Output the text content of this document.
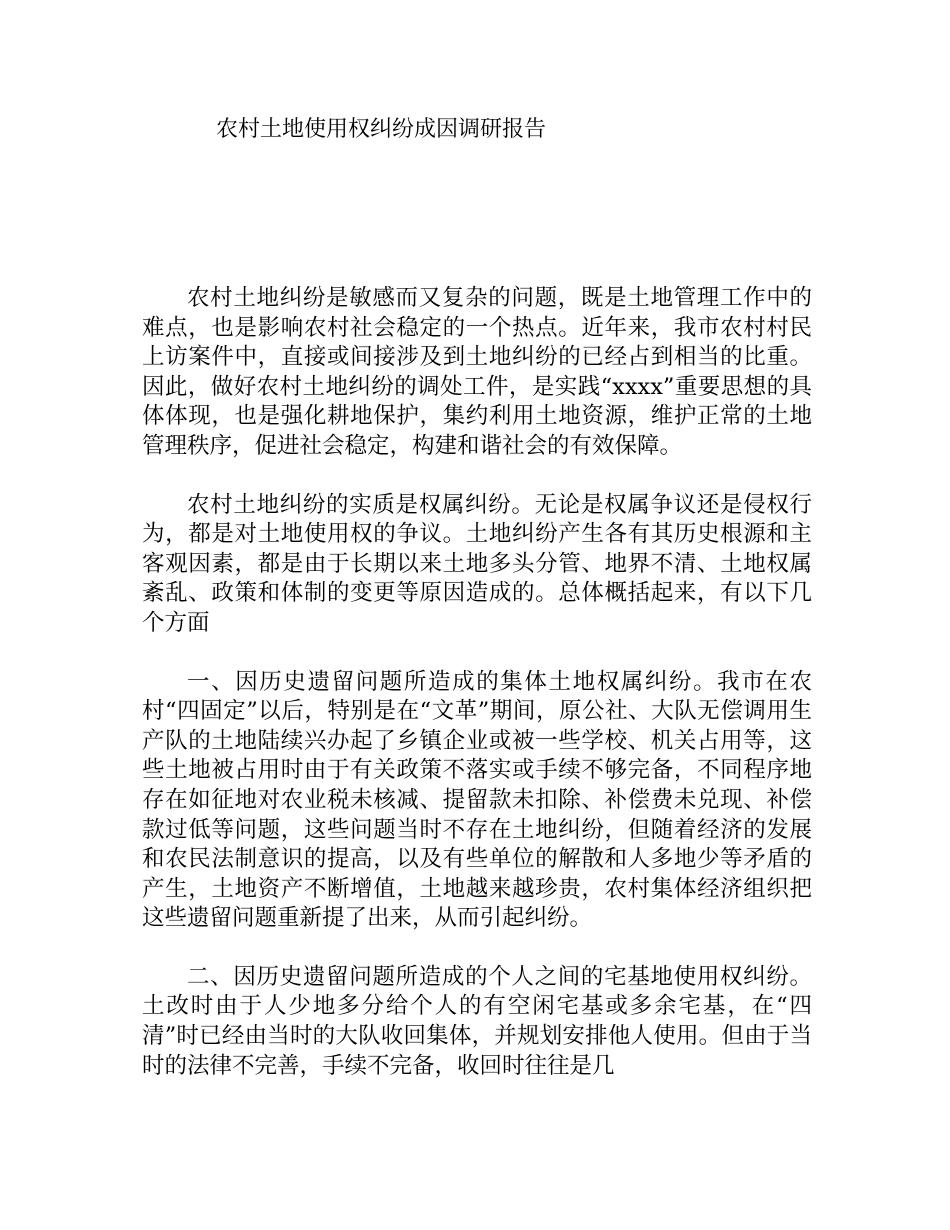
农村土地使用权纠纷成因调研报告

农村土地纠纷是敏感而又复杂的问题，既是土地管理工作中的难点，也是影响农村社会稳定的一个热点。近年来，我市农村村民上访案件中，直接或间接涉及到土地纠纷的已经占到相当的比重。因此，做好农村土地纠纷的调处工件，是实践“xxxx”重要思想的具体体现，也是强化耕地保护，集约利用土地资源，维护正常的土地管理秩序，促进社会稳定，构建和谐社会的有效保障。

农村土地纠纷的实质是权属纠纷。无论是权属争议还是侵权行为，都是对土地使用权的争议。土地纠纷产生各有其历史根源和主客观因素，都是由于长期以来土地多头分管、地界不清、土地权属紊乱、政策和体制的变更等原因造成的。总体概括起来，有以下几个方面

一、因历史遗留问题所造成的集体土地权属纠纷。我市在农村“四固定”以后，特别是在“文革”期间，原公社、大队无偿调用生产队的土地陆续兴办起了乡镇企业或被一些学校、机关占用等，这些土地被占用时由于有关政策不落实或手续不够完备，不同程序地存在如征地对农业税未核减、提留款未扣除、补偿费未兑现、补偿款过低等问题，这些问题当时不存在土地纠纷，但随着经济的发展和农民法制意识的提高，以及有些单位的解散和人多地少等矛盾的产生，土地资产不断增值，土地越来越珍贵，农村集体经济组织把这些遗留问题重新提了出来，从而引起纠纷。

二、因历史遗留问题所造成的个人之间的宅基地使用权纠纷。土改时由于人少地多分给个人的有空闲宅基或多余宅基，在“四清”时已经由当时的大队收回集体，并规划安排他人使用。但由于当时的法律不完善，手续不完备，收回时往往是几
